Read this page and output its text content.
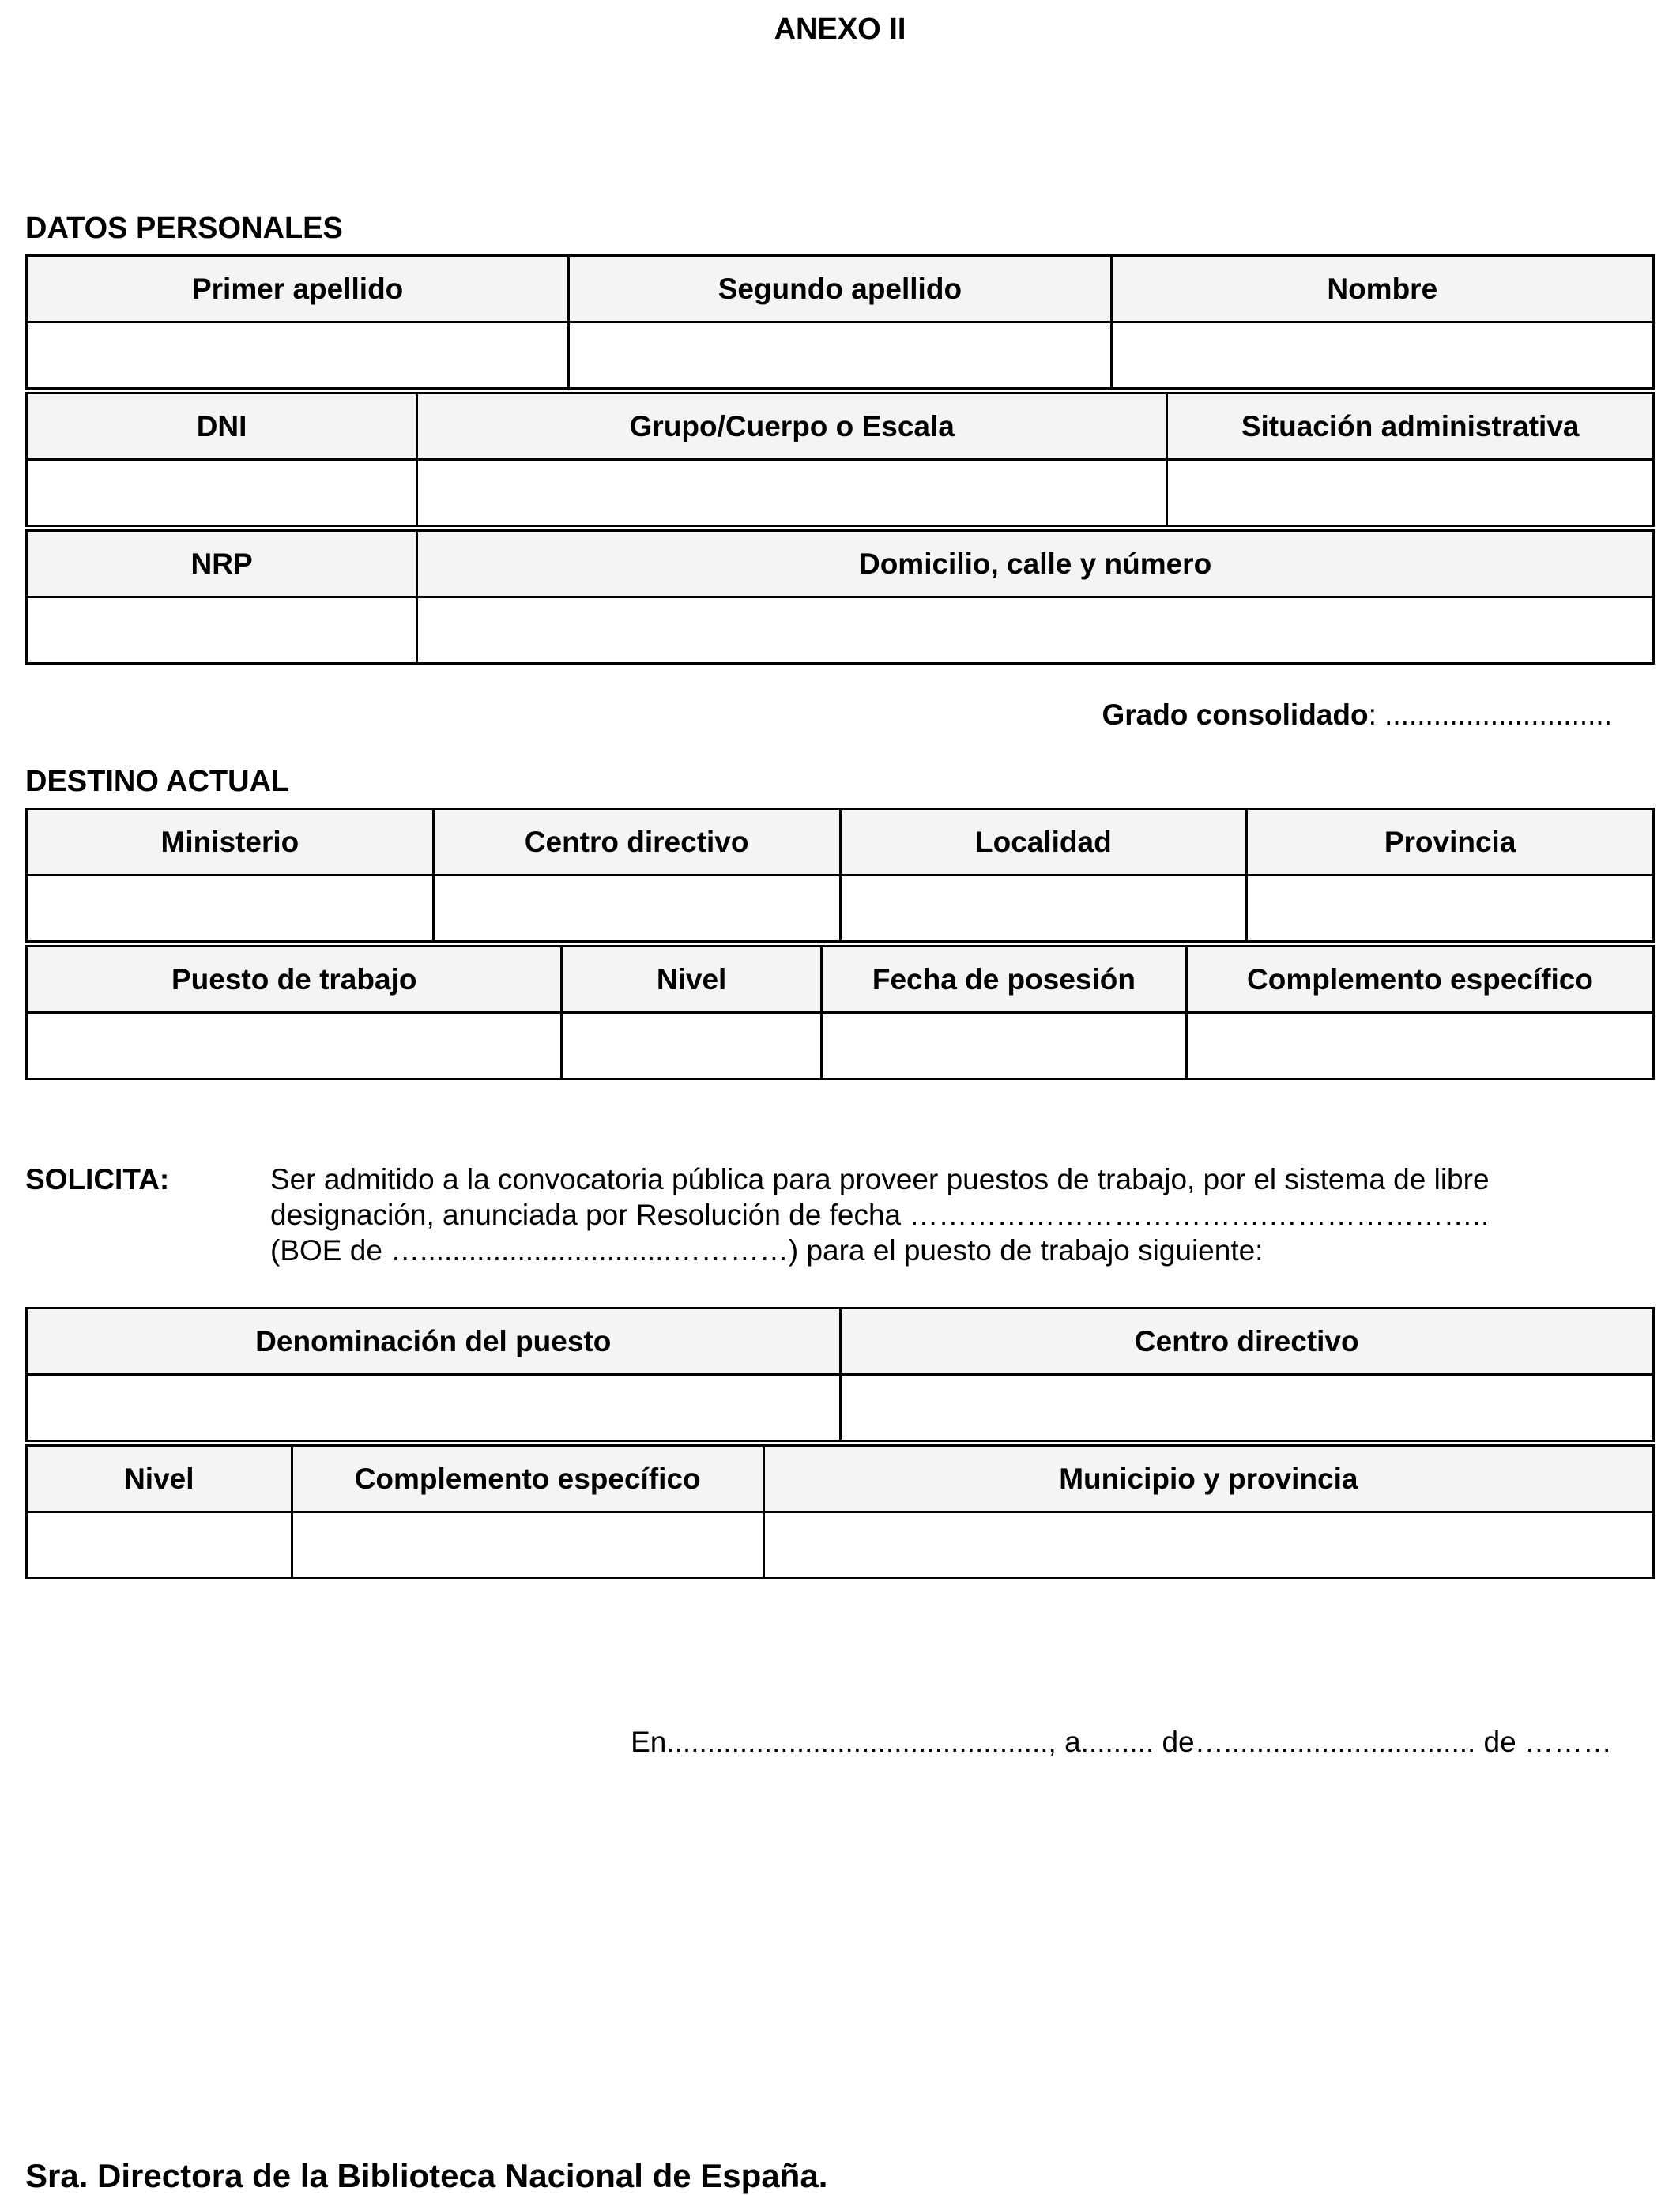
ANEXO II
DATOS PERSONALES
Primer apellido	Segundo apellido	Nombre

DNI	Grupo/Cuerpo o Escala	Situación administrativa

NRP	Domicilio, calle y número

Grado consolidado: ............................
DESTINO ACTUAL
Ministerio	Centro directivo	Localidad	Provincia

Puesto de trabajo	Nivel	Fecha de posesión	Complemento específico

SOLICITA:	Ser admitido a la convocatoria pública para proveer puestos de trabajo, por el sistema de libre
designación, anunciada por Resolución de fecha ……………………………….…………………..
(BOE de …...............................…………) para el puesto de trabajo siguiente:
Denominación del puesto	Centro directivo

Nivel	Complemento específico	Municipio y provincia

En..............................................., a......... de…............................... de ………
Sra. Directora de la Biblioteca Nacional de España.
